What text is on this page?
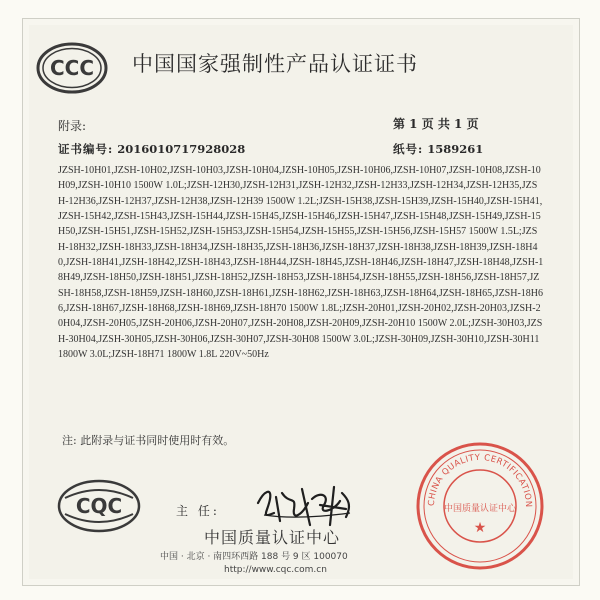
CCC 中国国家强制性产品认证证书
附录:	第 1 页 共 1 页
证书编号: 2016010717928028	纸号: 1589261
JZSH-10H01,JZSH-10H02,JZSH-10H03,JZSH-10H04,JZSH-10H05,JZSH-10H06,JZSH-10H07,JZSH-10H08,JZSH-10H09,JZSH-10H10 1500W 1.0L;JZSH-12H30,JZSH-12H31,JZSH-12H32,JZSH-12H33,JZSH-12H34,JZSH-12H35,JZSH-12H36,JZSH-12H37,JZSH-12H38,JZSH-12H39 1500W 1.2L;JZSH-15H38,JZSH-15H39,JZSH-15H40,JZSH-15H41,JZSH-15H42,JZSH-15H43,JZSH-15H44,JZSH-15H45,JZSH-15H46,JZSH-15H47,JZSH-15H48,JZSH-15H49,JZSH-15H50,JZSH-15H51,JZSH-15H52,JZSH-15H53,JZSH-15H54,JZSH-15H55,JZSH-15H56,JZSH-15H57 1500W 1.5L;JZSH-18H32,JZSH-18H33,JZSH-18H34,JZSH-18H35,JZSH-18H36,JZSH-18H37,JZSH-18H38,JZSH-18H39,JZSH-18H40,JZSH-18H41,JZSH-18H42,JZSH-18H43,JZSH-18H44,JZSH-18H45,JZSH-18H46,JZSH-18H47,JZSH-18H48,JZSH-18H49,JZSH-18H50,JZSH-18H51,JZSH-18H52,JZSH-18H53,JZSH-18H54,JZSH-18H55,JZSH-18H56,JZSH-18H57,JZSH-18H58,JZSH-18H59,JZSH-18H60,JZSH-18H61,JZSH-18H62,JZSH-18H63,JZSH-18H64,JZSH-18H65,JZSH-18H66,JZSH-18H67,JZSH-18H68,JZSH-18H69,JZSH-18H70 1500W 1.8L;JZSH-20H01,JZSH-20H02,JZSH-20H03,JZSH-20H04,JZSH-20H05,JZSH-20H06,JZSH-20H07,JZSH-20H08,JZSH-20H09,JZSH-20H10 1500W 2.0L;JZSH-30H03,JZSH-30H04,JZSH-30H05,JZSH-30H06,JZSH-30H07,JZSH-30H08 1500W 3.0L;JZSH-30H09,JZSH-30H10,JZSH-30H11 1800W 3.0L;JZSH-18H71 1800W 1.8L 220V~50Hz
注: 此附录与证书同时使用时有效。
CQC	主 任:
CHINA QUALITY CERTIFICATION
中国质量认证中心
★
中国质量认证中心
中国 · 北京 · 南四环西路 188 号 9 区 100070
http://www.cqc.com.cn
